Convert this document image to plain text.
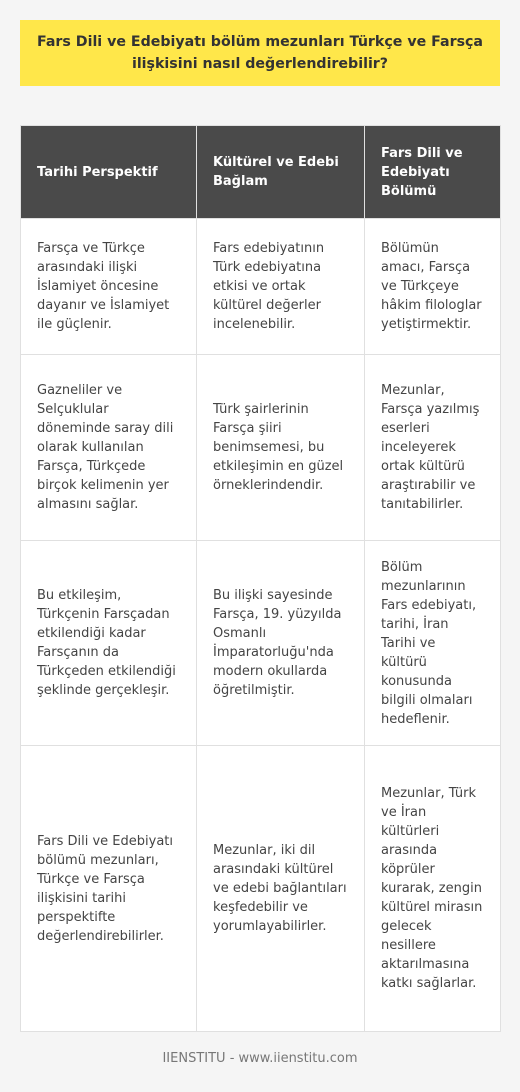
Fars Dili ve Edebiyatı bölüm mezunları Türkçe ve Farsça ilişkisini nasıl değerlendirebilir?
Tarihi Perspektif	Kültürel ve Edebi Bağlam	Fars Dili ve Edebiyatı Bölümü
Farsça ve Türkçe arasındaki ilişki İslamiyet öncesine dayanır ve İslamiyet ile güçlenir.	Fars edebiyatının Türk edebiyatına etkisi ve ortak kültürel değerler incelenebilir.	Bölümün amacı, Farsça ve Türkçeye hâkim filologlar yetiştirmektir.
Gazneliler ve Selçuklular döneminde saray dili olarak kullanılan Farsça, Türkçede birçok kelimenin yer almasını sağlar.	Türk şairlerinin Farsça şiiri benimsemesi, bu etkileşimin en güzel örneklerindendir.	Mezunlar, Farsça yazılmış eserleri inceleyerek ortak kültürü araştırabilir ve tanıtabilirler.
Bu etkileşim, Türkçenin Farsçadan etkilendiği kadar Farsçanın da Türkçeden etkilendiği şeklinde gerçekleşir.	Bu ilişki sayesinde Farsça, 19. yüzyılda Osmanlı İmparatorluğu'nda modern okullarda öğretilmiştir.	Bölüm mezunlarının Fars edebiyatı, tarihi, İran Tarihi ve kültürü konusunda bilgili olmaları hedeflenir.
Fars Dili ve Edebiyatı bölümü mezunları, Türkçe ve Farsça ilişkisini tarihi perspektifte değerlendirebilirler.	Mezunlar, iki dil arasındaki kültürel ve edebi bağlantıları keşfedebilir ve yorumlayabilirler.	Mezunlar, Türk ve İran kültürleri arasında köprüler kurarak, zengin kültürel mirasın gelecek nesillere aktarılmasına katkı sağlarlar.
IIENSTITU - www.iienstitu.com
